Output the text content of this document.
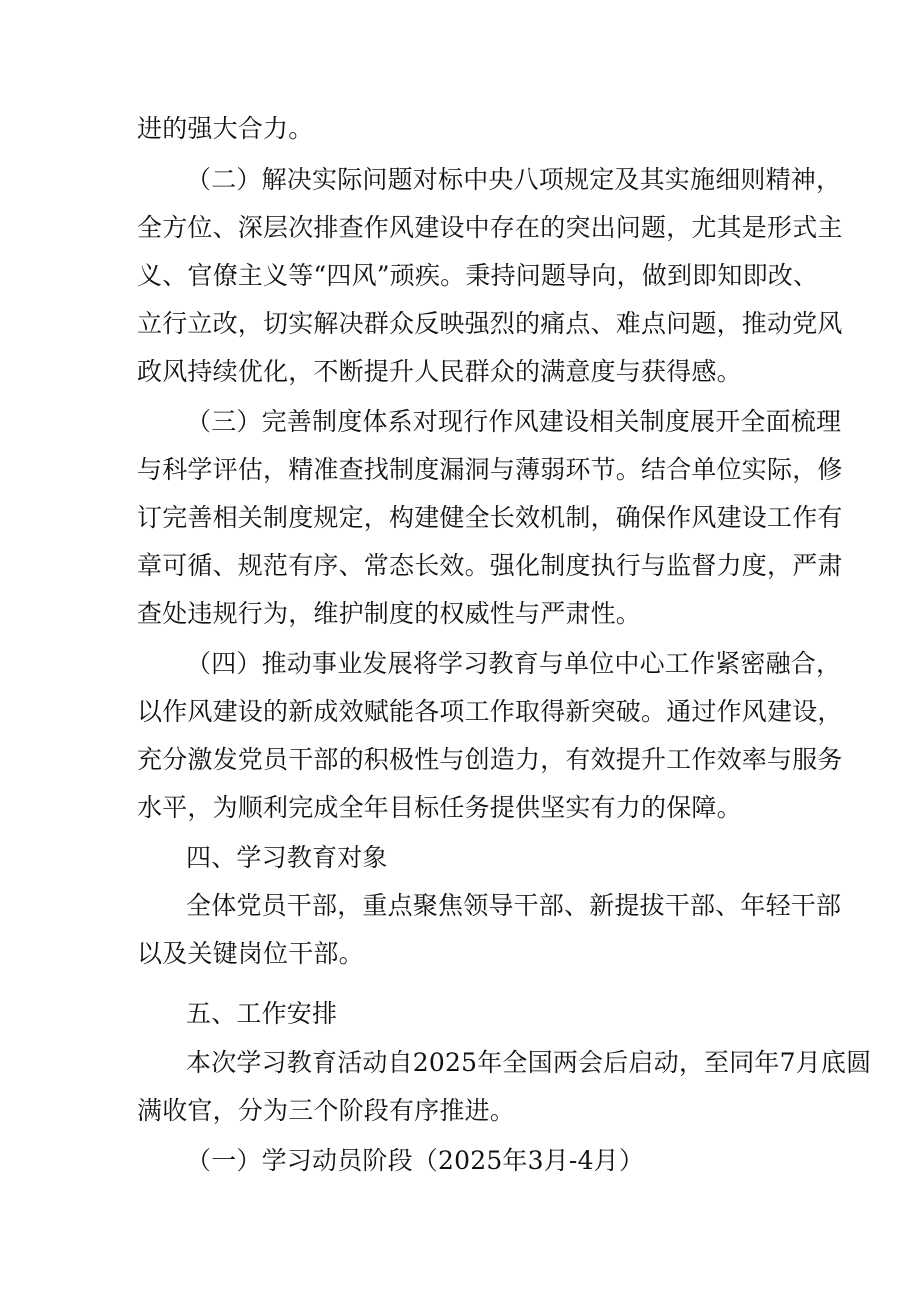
进的强大合力。
（二）解决实际问题对标中央八项规定及其实施细则精神，
全方位、深层次排查作风建设中存在的突出问题，尤其是形式主
义、官僚主义等“四风”顽疾。秉持问题导向，做到即知即改、
立行立改，切实解决群众反映强烈的痛点、难点问题，推动党风
政风持续优化，不断提升人民群众的满意度与获得感。
（三）完善制度体系对现行作风建设相关制度展开全面梳理
与科学评估，精准查找制度漏洞与薄弱环节。结合单位实际，修
订完善相关制度规定，构建健全长效机制，确保作风建设工作有
章可循、规范有序、常态长效。强化制度执行与监督力度，严肃
查处违规行为，维护制度的权威性与严肃性。
（四）推动事业发展将学习教育与单位中心工作紧密融合，
以作风建设的新成效赋能各项工作取得新突破。通过作风建设，
充分激发党员干部的积极性与创造力，有效提升工作效率与服务
水平，为顺利完成全年目标任务提供坚实有力的保障。
四、学习教育对象
全体党员干部，重点聚焦领导干部、新提拔干部、年轻干部
以及关键岗位干部。
五、工作安排
本次学习教育活动自2025年全国两会后启动，至同年7月底圆
满收官，分为三个阶段有序推进。
（一）学习动员阶段（2025年3月-4月）
